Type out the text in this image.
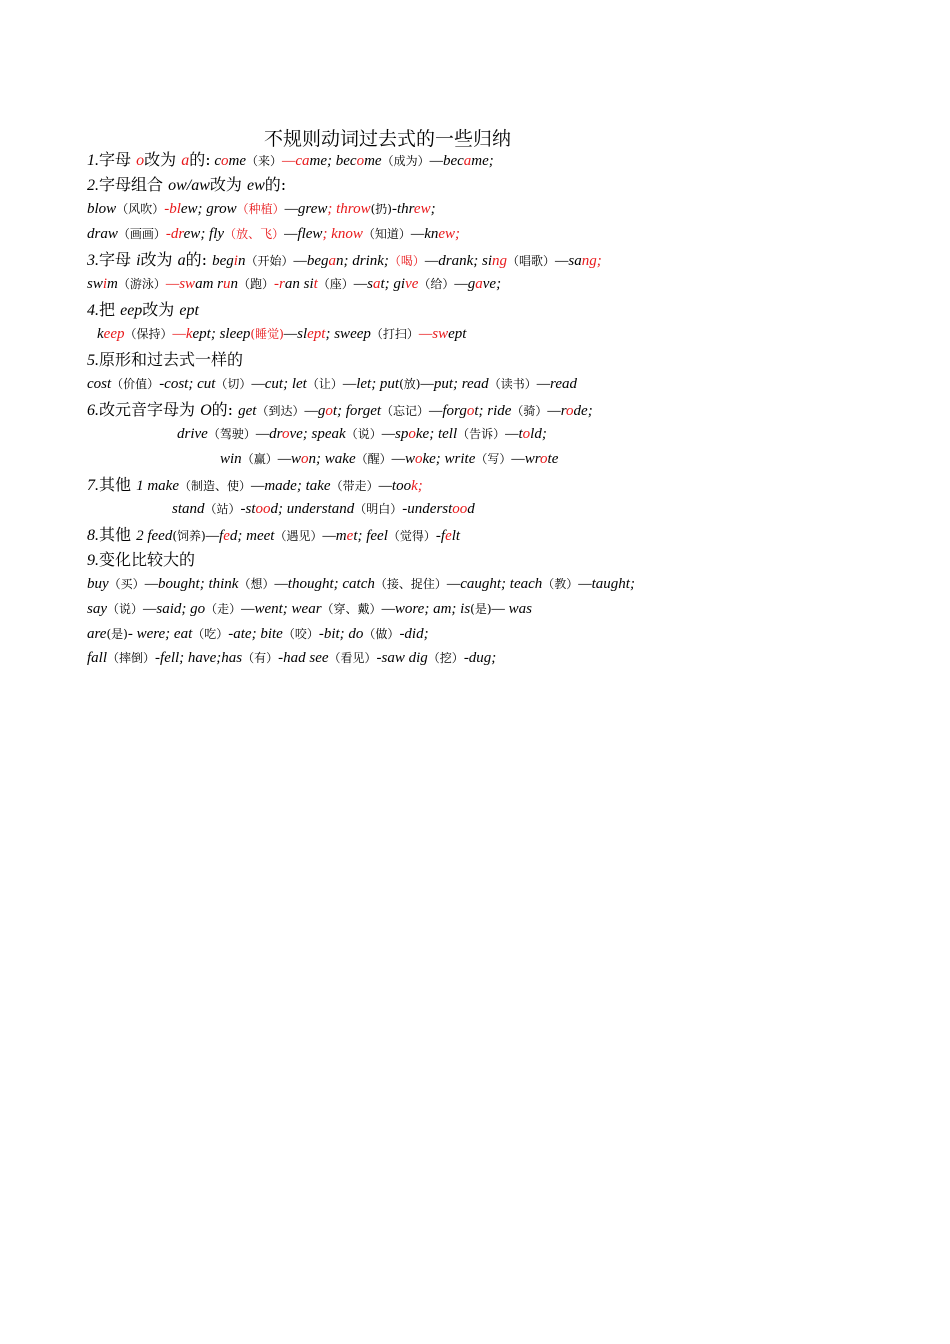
不规则动词过去式的一些归纳
1.字母 o改为 a的: come（来）—came; become（成为）—became;
2.字母组合 ow/aw改为 ew的:
blow（风吹）-blew; grow（种植）—grew; throw(扔)-threw;
draw（画画）-drew; fly（放、飞）—flew; know（知道）—knew;
3.字母 i改为 a的: begin（开始）—began; drink;（喝）—drank; sing（唱歌）—sang;
swim（游泳）—swam run（跑）-ran sit（座）—sat; give（给）—gave;
4.把 eep改为 ept
keep（保持）—kept; sleep(睡觉)—slept; sweep（打扫）—swept
5.原形和过去式一样的
cost（价值）-cost; cut（切）—cut; let（让）—let; put(放)—put; read（读书）—read
6.改元音字母为 O的: get（到达）—got; forget（忘记）—forgot; ride（骑）—rode;
drive（驾驶）—drove; speak（说）—spoke; tell（告诉）—told;
win（赢）—won; wake（醒）—woke; write（写）—wrote
7.其他 1 make（制造、使）—made; take（带走）—took;
stand（站）-stood; understand（明白）-understood
8.其他 2 feed(饲养)—fed; meet（遇见）—met; feel（觉得）-felt
9.变化比较大的
buy（买）—bought; think（想）—thought; catch（接、捉住）—caught; teach（教）—taught;
say（说）—said; go（走）—went; wear（穿、戴）—wore; am; is(是)— was
are(是)- were; eat（吃）-ate; bite（咬）-bit; do（做）-did;
fall（摔倒）-fell; have;has（有）-had see（看见）-saw dig（挖）-dug;
